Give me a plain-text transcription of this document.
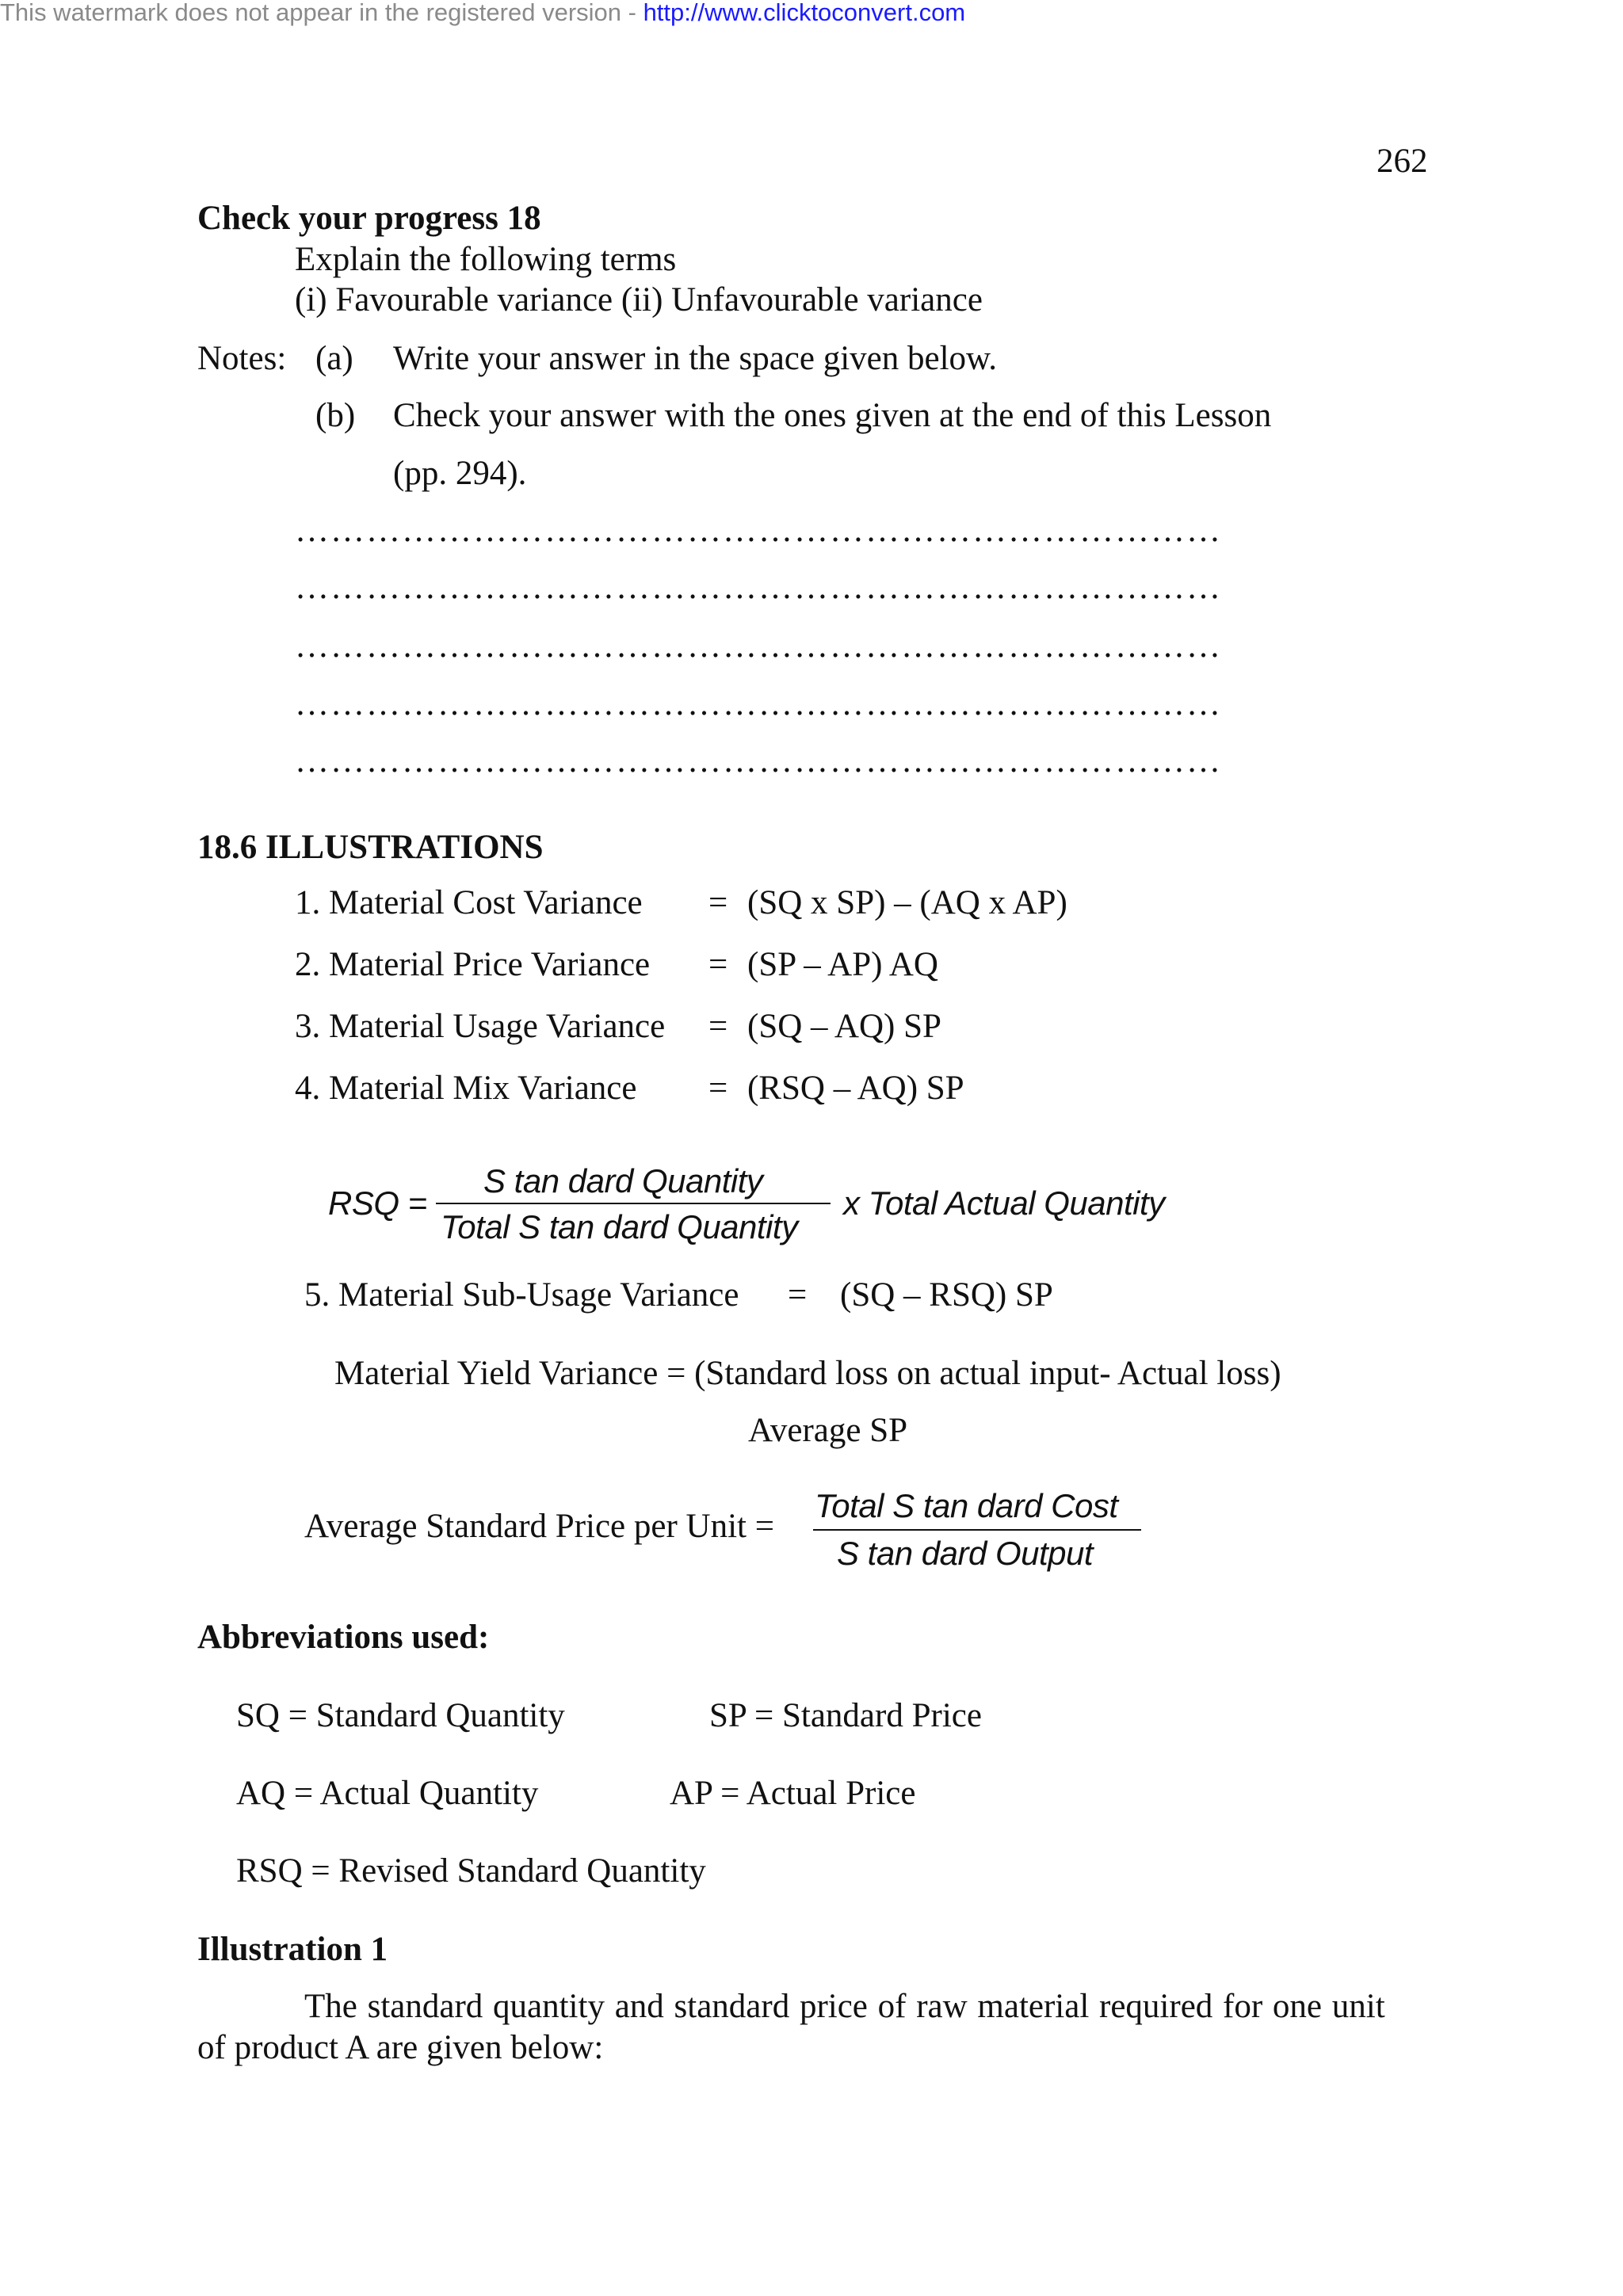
This watermark does not appear in the registered version - http://www.clicktoconvert.com
262
Check your progress 18
Explain the following terms
(i) Favourable variance (ii) Unfavourable variance
Notes: (a) Write your answer in the space given below.
(b) Check your answer with the ones given at the end of this Lesson
(pp. 294).
……………………………………………………………………
……………………………………………………………………
……………………………………………………………………
……………………………………………………………………
……………………………………………………………………
18.6 ILLUSTRATIONS
1. Material Cost Variance = (SQ x SP) – (AQ x AP)
2. Material Price Variance = (SP – AP) AQ
3. Material Usage Variance = (SQ – AQ) SP
4. Material Mix Variance = (RSQ – AQ) SP
RSQ =
S tan dard Quantity
Total S tan dard Quantity
x Total Actual Quantity
5. Material Sub-Usage Variance = (SQ – RSQ) SP
Material Yield Variance = (Standard loss on actual input- Actual loss)
Average SP
Average Standard Price per Unit =
Total S tan dard Cost
S tan dard Output
Abbreviations used:
SQ = Standard Quantity	SP = Standard Price
AQ = Actual Quantity	AP = Actual Price
RSQ = Revised Standard Quantity
Illustration 1
The standard quantity and standard price of raw material required for one unit
of product A are given below:
